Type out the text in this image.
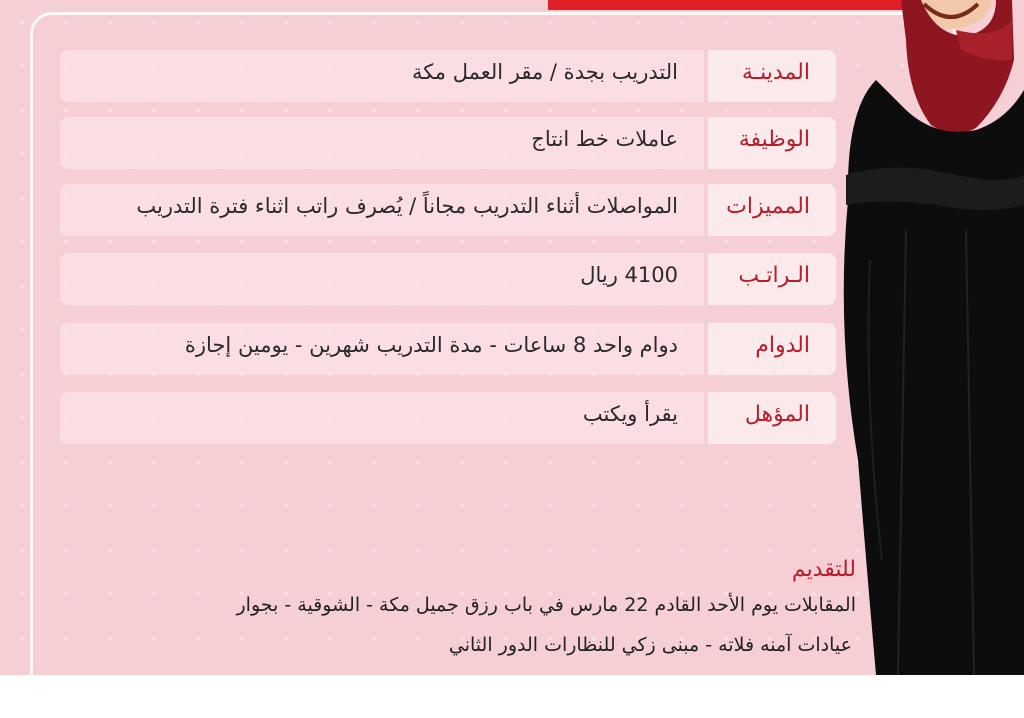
المدينـة
التدريب بجدة / مقر العمل مكة
الوظيفة
عاملات خط انتاج
المميزات
المواصلات أثناء التدريب مجاناً / يُصرف راتب اثناء فترة التدريب
الـراتـب
4100 ريال
الدوام
دوام واحد 8 ساعات - مدة التدريب شهرين - يومين إجازة
المؤهل
يقرأ ويكتب
للتقديم
المقابلات يوم الأحد القادم 22 مارس في باب رزق جميل مكة - الشوقية - بجوار
عيادات آمنه فلاته - مبنى زكي للنظارات الدور الثاني
